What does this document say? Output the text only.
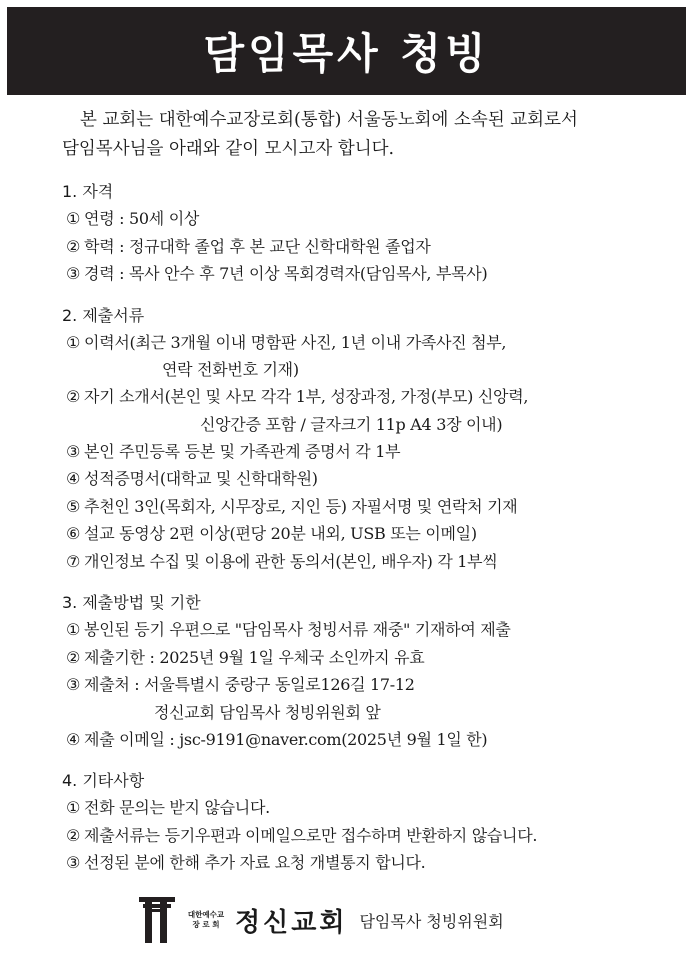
담임목사 청빙
본 교회는 대한예수교장로회(통합) 서울동노회에 소속된 교회로서
담임목사님을 아래와 같이 모시고자 합니다.
1. 자격
① 연령 : 50세 이상
② 학력 : 정규대학 졸업 후 본 교단 신학대학원 졸업자
③ 경력 : 목사 안수 후 7년 이상 목회경력자(담임목사, 부목사)
2. 제출서류
① 이력서(최근 3개월 이내 명함판 사진, 1년 이내 가족사진 첨부,
연락 전화번호 기재)
② 자기 소개서(본인 및 사모 각각 1부, 성장과정, 가정(부모) 신앙력,
신앙간증 포함 / 글자크기 11p A4 3장 이내)
③ 본인 주민등록 등본 및 가족관계 증명서 각 1부
④ 성적증명서(대학교 및 신학대학원)
⑤ 추천인 3인(목회자, 시무장로, 지인 등) 자필서명 및 연락처 기재
⑥ 설교 동영상 2편 이상(편당 20분 내외, USB 또는 이메일)
⑦ 개인정보 수집 및 이용에 관한 동의서(본인, 배우자) 각 1부씩
3. 제출방법 및 기한
① 봉인된 등기 우편으로 "담임목사 청빙서류 재중" 기재하여 제출
② 제출기한 : 2025년 9월 1일 우체국 소인까지 유효
③ 제출처 : 서울특별시 중랑구 동일로126길 17-12
정신교회 담임목사 청빙위원회 앞
④ 제출 이메일 : jsc-9191@naver.com(2025년 9월 1일 한)
4. 기타사항
① 전화 문의는 받지 않습니다.
② 제출서류는 등기우편과 이메일으로만 접수하며 반환하지 않습니다.
③ 선정된 분에 한해 추가 자료 요청 개별통지 합니다.
대한예수교
장 로 회 정신교회 담임목사 청빙위원회
